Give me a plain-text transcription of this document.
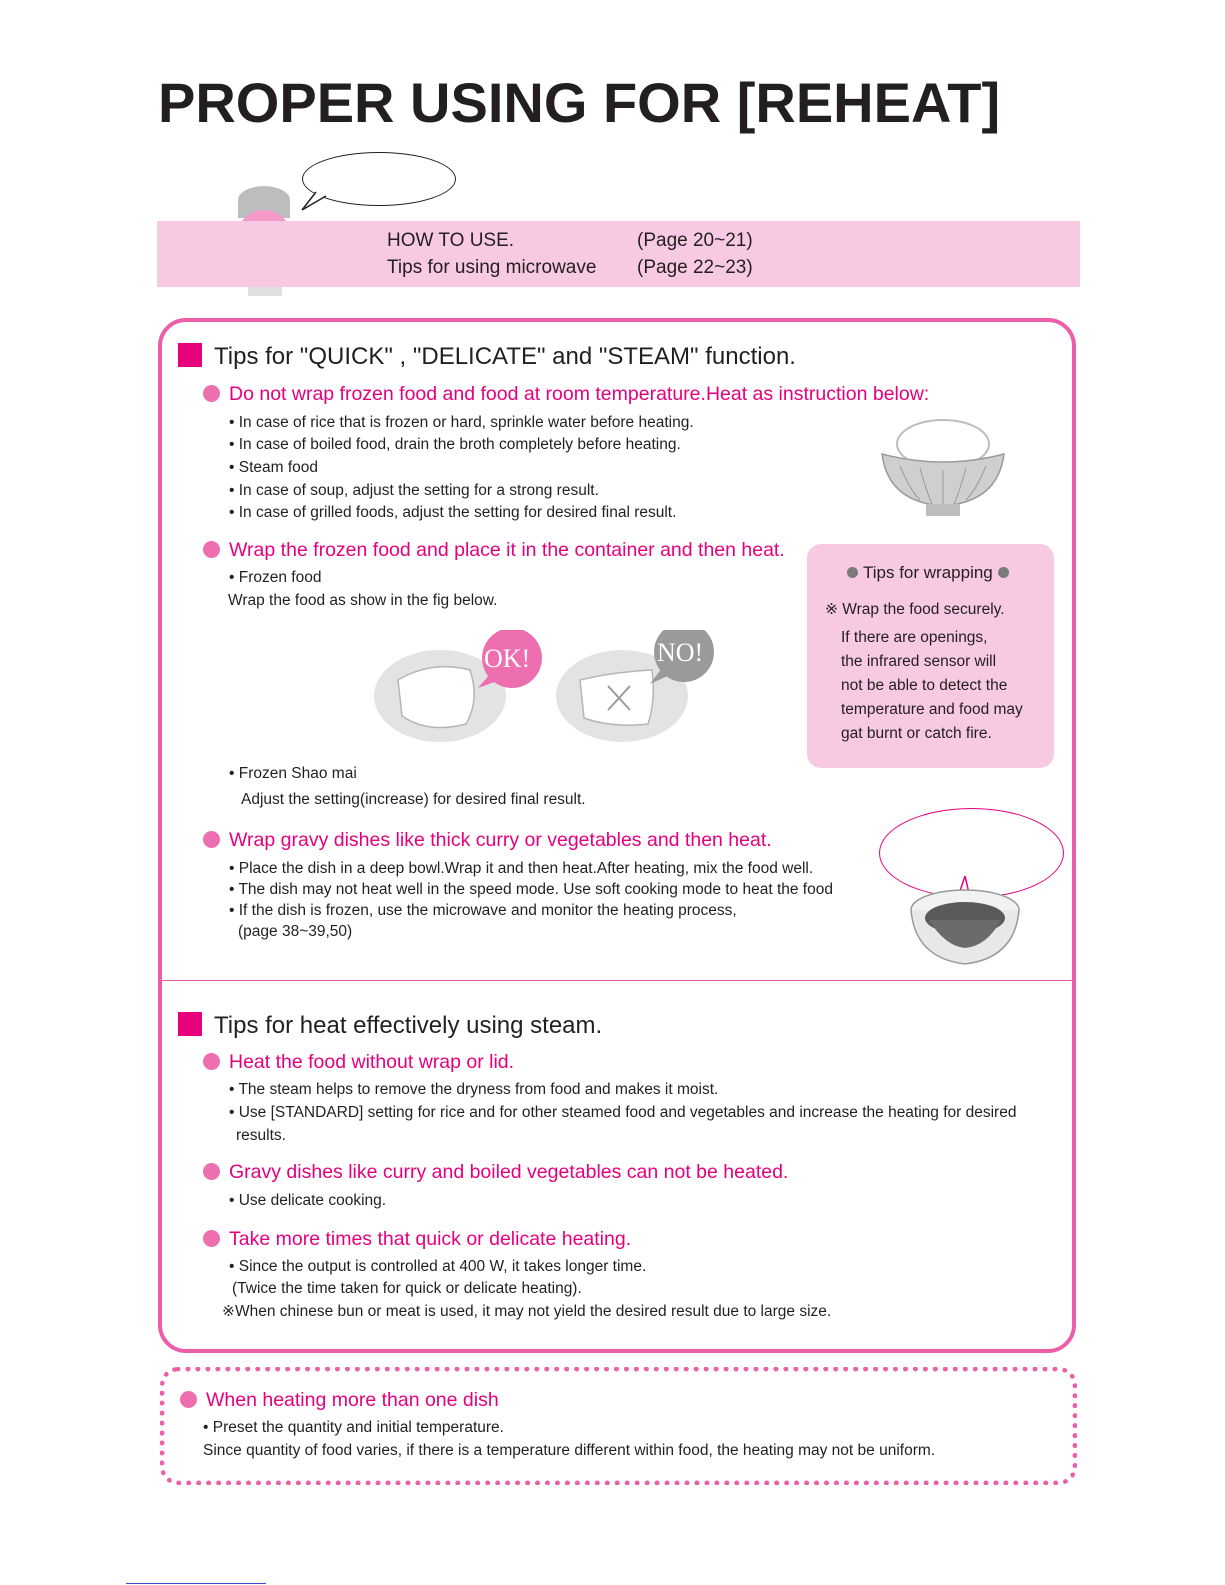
PROPER USING FOR [REHEAT]
HOW TO USE.	(Page 20~21)
Tips for using microwave (Page 22~23)
Tips for "QUICK" , "DELICATE" and "STEAM" function.
Do not wrap frozen food and food at room temperature.Heat as instruction below:
• In case of rice that is frozen or hard, sprinkle water before heating.
• In case of boiled food, drain the broth completely before heating.
• Steam food
• In case of soup, adjust the setting for a strong result.
• In case of grilled foods, adjust the setting for desired final result.
Wrap the frozen food and place it in the container and then heat.
• Frozen food
Wrap the food as show in the fig below.
OK!	NO!
Tips for wrapping
※ Wrap the food securely.
If there are openings,
the infrared sensor will
not be able to detect the
temperature and food may
gat burnt or catch fire.
• Frozen Shao mai
Adjust the setting(increase) for desired final result.
Wrap gravy dishes like thick curry or vegetables and then heat.
• Place the dish in a deep bowl.Wrap it and then heat.After heating, mix the food well.
• The dish may not heat well in the speed mode. Use soft cooking mode to heat the food
• If the dish is frozen, use the microwave and monitor the heating process,
(page 38~39,50)
Tips for heat effectively using steam.
Heat the food without wrap or lid.
• The steam helps to remove the dryness from food and makes it moist.
• Use [STANDARD] setting for rice and for other steamed food and vegetables and increase the heating for desired
results.
Gravy dishes like curry and boiled vegetables can not be heated.
• Use delicate cooking.
Take more times that quick or delicate heating.
• Since the output is controlled at 400 W, it takes longer time.
(Twice the time taken for quick or delicate heating).
※When chinese bun or meat is used, it may not yield the desired result due to large size.
When heating more than one dish
• Preset the quantity and initial temperature.
Since quantity of food varies, if there is a temperature different within food, the heating may not be uniform.
